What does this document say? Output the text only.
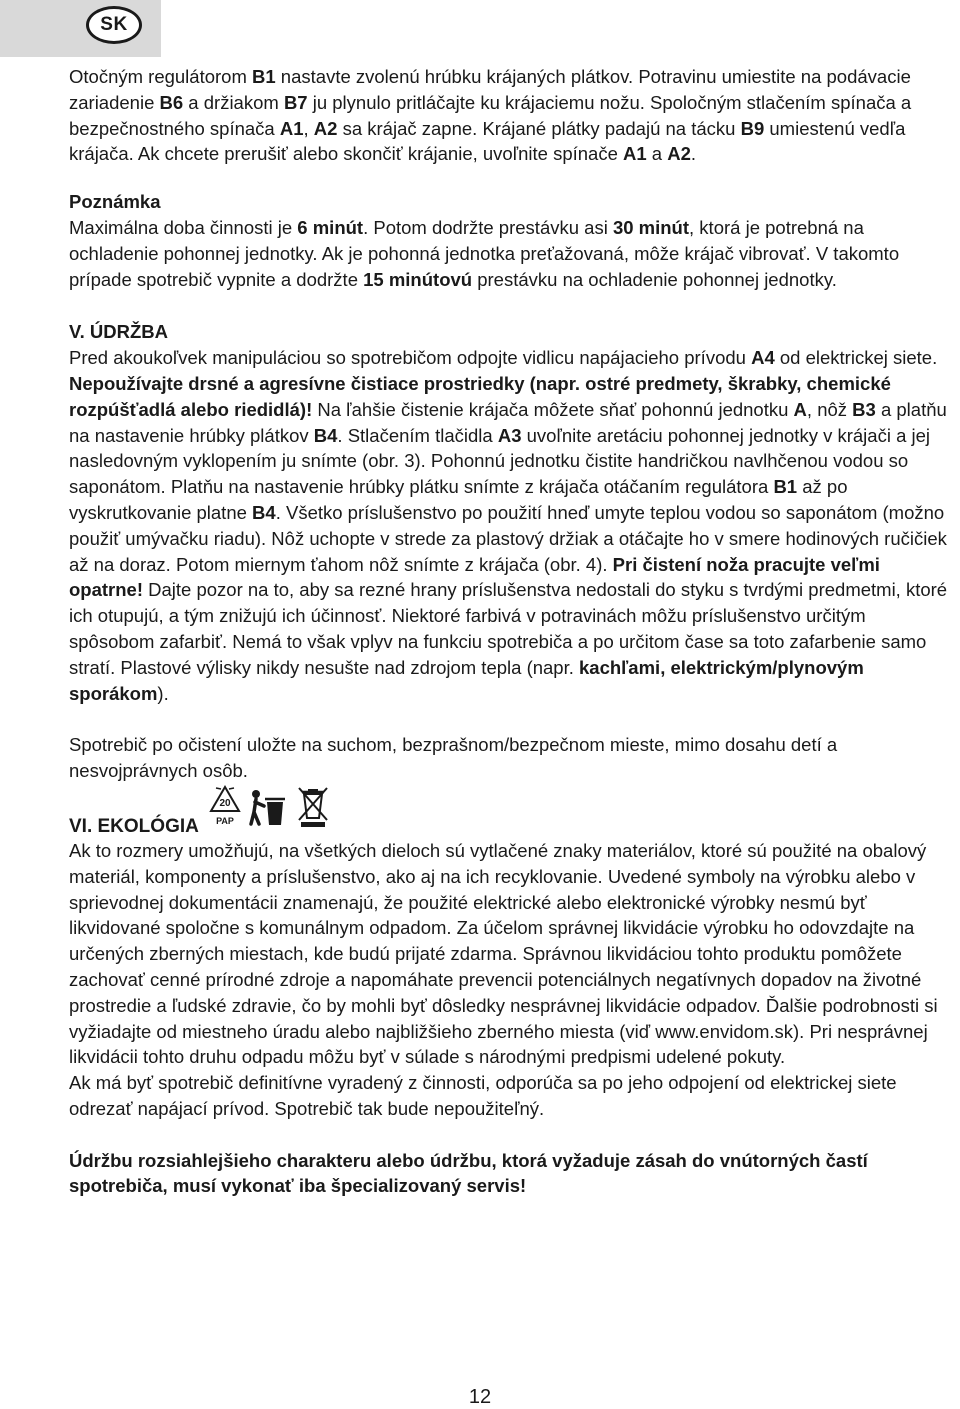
SK

Otočným regulátorom B1 nastavte zvolenú hrúbku krájaných plátkov. Potravinu umiestite na podávacie zariadenie B6 a držiakom B7 ju plynulo pritláčajte ku krájaciemu nožu. Spoločným stlačením spínača a bezpečnostného spínača A1, A2 sa krájač zapne. Krájané plátky padajú na tácku B9 umiestenú vedľa krájača. Ak chcete prerušiť alebo skončiť krájanie, uvoľnite spínače A1 a A2.

Poznámka

Maximálna doba činnosti je 6 minút. Potom dodržte prestávku asi 30 minút, ktorá je potrebná na ochladenie pohonnej jednotky. Ak je pohonná jednotka preťažovaná, môže krájač vibrovať. V takomto prípade spotrebič vypnite a dodržte 15 minútovú prestávku na ochladenie pohonnej jednotky.

V. ÚDRŽBA

Pred akoukoľvek manipuláciou so spotrebičom odpojte vidlicu napájacieho prívodu A4 od elektrickej siete. Nepoužívajte drsné a agresívne čistiace prostriedky (napr. ostré predmety, škrabky, chemické rozpúšťadlá alebo riedidlá)! Na ľahšie čistenie krájača môžete sňať pohonnú jednotku A, nôž B3 a platňu na nastavenie hrúbky plátkov B4. Stlačením tlačidla A3 uvoľnite aretáciu pohonnej jednotky v krájači a jej nasledovným vyklopením ju snímte (obr. 3). Pohonnú jednotku čistite handričkou navlhčenou vodou so saponátom. Platňu na nastavenie hrúbky plátku snímte z krájača otáčaním regulátora B1 až po vyskrutkovanie platne B4. Všetko príslušenstvo po použití hneď umyte teplou vodou so saponátom (možno použiť umývačku riadu). Nôž uchopte v strede za plastový držiak a otáčajte ho v smere hodinových ručičiek až na doraz. Potom miernym ťahom nôž snímte z krájača (obr. 4). Pri čistení noža pracujte veľmi opatrne! Dajte pozor na to, aby sa rezné hrany príslušenstva nedostali do styku s tvrdými predmetmi, ktoré ich otupujú, a tým znižujú ich účinnosť. Niektoré farbivá v potravinách môžu príslušenstvo určitým spôsobom zafarbiť. Nemá to však vplyv na funkciu spotrebiča a po určitom čase sa toto zafarbenie samo stratí. Plastové výlisky nikdy nesušte nad zdrojom tepla (napr. kachľami, elektrickým/plynovým sporákom).

Spotrebič po očistení uložte na suchom, bezprašnom/bezpečnom mieste, mimo dosahu detí a nesvojprávnych osôb.

VI. EKOLÓGIA
20
PAP

Ak to rozmery umožňujú, na všetkých dieloch sú vytlačené znaky materiálov, ktoré sú použité na obalový materiál, komponenty a príslušenstvo, ako aj na ich recyklovanie. Uvedené symboly na výrobku alebo v sprievodnej dokumentácii znamenajú, že použité elektrické alebo elektronické výrobky nesmú byť likvidované spoločne s komunálnym odpadom. Za účelom správnej likvidácie výrobku ho odovzdajte na určených zberných miestach, kde budú prijaté zdarma. Správnou likvidáciou tohto produktu pomôžete zachovať cenné prírodné zdroje a napomáhate prevencii potenciálnych negatívnych dopadov na životné prostredie a ľudské zdravie, čo by mohli byť dôsledky nesprávnej likvidácie odpadov. Ďalšie podrobnosti si vyžiadajte od miestneho úradu alebo najbližšieho zberného miesta (viď www.envidom.sk). Pri nesprávnej likvidácii tohto druhu odpadu môžu byť v súlade s národnými predpismi udelené pokuty.

Ak má byť spotrebič definitívne vyradený z činnosti, odporúča sa po jeho odpojení od elektrickej siete odrezať napájací prívod. Spotrebič tak bude nepoužiteľný.

Údržbu rozsiahlejšieho charakteru alebo údržbu, ktorá vyžaduje zásah do vnútorných častí spotrebiča, musí vykonať iba špecializovaný servis!

12
